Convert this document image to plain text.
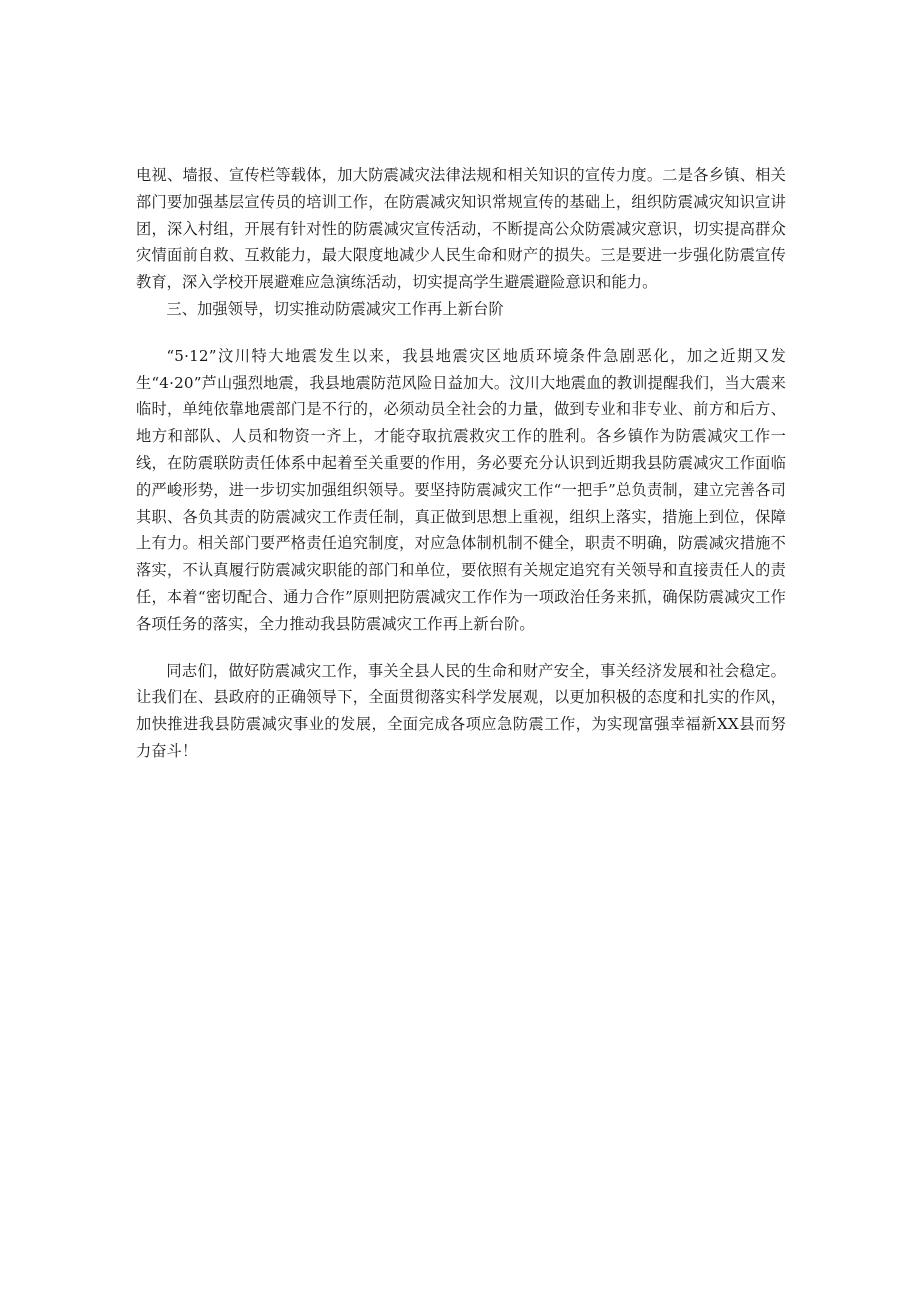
电视、墙报、宣传栏等载体，加大防震减灾法律法规和相关知识的宣传力度。二是各乡镇、相关部门要加强基层宣传员的培训工作，在防震减灾知识常规宣传的基础上，组织防震减灾知识宣讲团，深入村组，开展有针对性的防震减灾宣传活动，不断提高公众防震减灾意识，切实提高群众灾情面前自救、互救能力，最大限度地减少人民生命和财产的损失。三是要进一步强化防震宣传教育，深入学校开展避难应急演练活动，切实提高学生避震避险意识和能力。

三、加强领导，切实推动防震减灾工作再上新台阶

“5·12”汶川特大地震发生以来，我县地震灾区地质环境条件急剧恶化，加之近期又发生“4·20”芦山强烈地震，我县地震防范风险日益加大。汶川大地震血的教训提醒我们，当大震来临时，单纯依靠地震部门是不行的，必须动员全社会的力量，做到专业和非专业、前方和后方、地方和部队、人员和物资一齐上，才能夺取抗震救灾工作的胜利。各乡镇作为防震减灾工作一线，在防震联防责任体系中起着至关重要的作用，务必要充分认识到近期我县防震减灾工作面临的严峻形势，进一步切实加强组织领导。要坚持防震减灾工作“一把手”总负责制，建立完善各司其职、各负其责的防震减灾工作责任制，真正做到思想上重视，组织上落实，措施上到位，保障上有力。相关部门要严格责任追究制度，对应急体制机制不健全，职责不明确，防震减灾措施不落实，不认真履行防震减灾职能的部门和单位，要依照有关规定追究有关领导和直接责任人的责任，本着“密切配合、通力合作”原则把防震减灾工作作为一项政治任务来抓，确保防震减灾工作各项任务的落实，全力推动我县防震减灾工作再上新台阶。

同志们，做好防震减灾工作，事关全县人民的生命和财产安全，事关经济发展和社会稳定。让我们在、县政府的正确领导下，全面贯彻落实科学发展观，以更加积极的态度和扎实的作风，加快推进我县防震减灾事业的发展，全面完成各项应急防震工作，为实现富强幸福新XX县而努力奋斗！
